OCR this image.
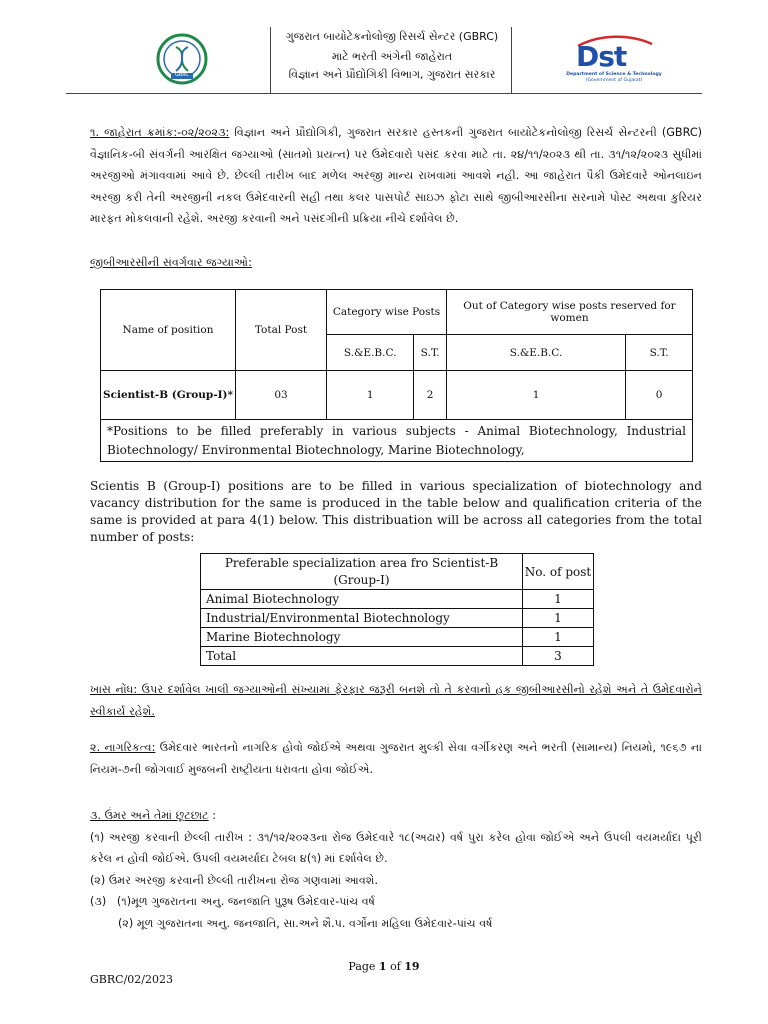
GBRC
ગુજરાત બાયોટેકનોલોજી રિસર્ચ સેન્ટર (GBRC)
માટે ભરતી અંગેની જાહેરાત
વિજ્ઞાન અને પ્રૌદ્યોગિકી વિભાગ, ગુજરાત સરકાર
Dst
Department of Science & Technology
(Government of Gujarat)

૧. જાહેરાત ક્રમાંક:-૦૨/૨૦૨૩: વિજ્ઞાન અને પ્રૌદ્યોગિકી, ગુજરાત સરકાર હસ્તકની ગુજરાત બાયોટેકનોલોજી રિસર્ચ સેન્ટરની (GBRC) વૈજ્ઞાનિક-બી સંવર્ગની આરક્ષિત જગ્યાઓ (સાતમો પ્રયત્ન) પર ઉમેદવારો પસંદ કરવા માટે તા. ૨૪/૧૧/૨૦૨૩ થી તા. ૩૧/૧૨/૨૦૨૩ સુધીમાં અરજીઓ મંગાવવામાં આવે છે. છેલ્લી તારીખ બાદ મળેલ અરજી માન્ય રાખવામાં આવશે નહી. આ જાહેરાત પૈકી ઉમેદવારે ઓનલાઇન અરજી કરી તેની અરજીની નકલ ઉમેદવારની સહી તથા કલર પાસપોર્ટ સાઇઝ ફોટા સાથે જીબીઆરસીના સરનામે પોસ્ટ અથવા કુરિયર મારફત મોકલવાની રહેશે. અરજી કરવાની અને પસંદગીની પ્રક્રિયા નીચે દર્શાવેલ છે.

જીબીઆરસીની સંવર્ગવાર જગ્યાઓ:

Name of position	Total Post	Category wise Posts		Out of Category wise posts reserved for women	
		S.&E.B.C.	S.T.	S.&E.B.C.	S.T.
Scientist-B (Group-I)*	03	1	2	1	0
*Positions to be filled preferably in various subjects - Animal Biotechnology, Industrial Biotechnology/ Environmental Biotechnology, Marine Biotechnology,					
Scientis B (Group-I) positions are to be filled in various specialization of biotechnology and vacancy distribution for the same is produced in the table below and qualification criteria of the same is provided at para 4(1) below. This distribuation will be across all categories from the total number of posts:
Preferable specialization area fro Scientist-B (Group-I)	No. of post
Animal Biotechnology	1
Industrial/Environmental Biotechnology	1
Marine Biotechnology	1
Total	3

ખાસ નોંધ: ઉપર દર્શાવેલ ખાલી જગ્યાઓની સંખ્યામાં ફેરફાર જરૂરી બનશે તો તે કરવાનો હક જીબીઆરસીનો રહેશે અને તે ઉમેદવારોને સ્વીકાર્ય રહેશે.

૨. નાગરિકત્વ: ઉમેદવાર ભારતનો નાગરિક હોવો જોઈએ અથવા ગુજરાત મુલ્કી સેવા વર્ગીકરણ અને ભરતી (સામાન્ય) નિયમો, ૧૯૬૭ ના નિયમ-૭ની જોગવાઈ મુજબની રાષ્ટ્રીયતા ધરાવતા હોવા જોઈએ.

૩. ઉંમર અને તેમાં છૂટછાટ :

(૧) અરજી કરવાની છેલ્લી તારીખ : ૩૧/૧૨/૨૦૨૩ના રોજ ઉમેદવારે ૧૮(અઢાર) વર્ષ પુરા કરેલ હોવા જોઈએ અને ઉપલી વયમર્યાદા પૂરી કરેલ ન હોવી જોઈએ. ઉપલી વયમર્યાદા ટેબલ ૪(૧) માં દર્શાવેલ છે.

(૨) ઉંમર અરજી કરવાની છેલ્લી તારીખના રોજ ગણવામાં આવશે.

(૩) (૧)મૂળ ગુજરાતના અનુ. જનજાતિ પુરૂષ ઉમેદવાર-પાંચ વર્ષ

(૨) મૂળ ગુજરાતના અનુ. જનજાતિ, સા.અને શૈ.પ. વર્ગોના મહિલા ઉમેદવાર-પાંચ વર્ષ

Page 1 of 19
GBRC/02/2023
